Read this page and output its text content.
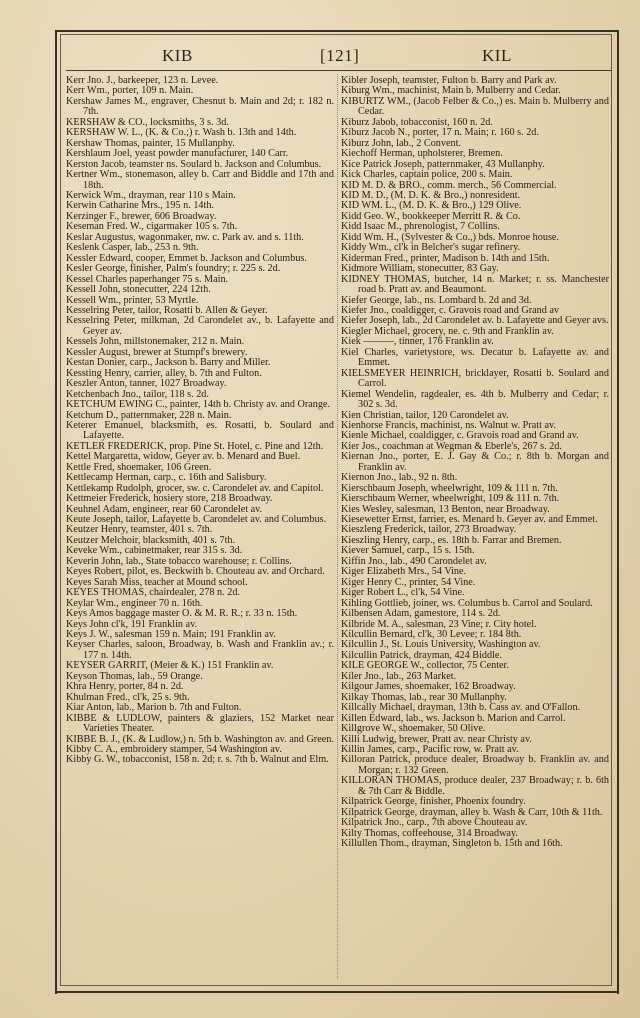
KIB	[121]	KIL
Kerr Jno. J., barkeeper, 123 n. Levee.
Kerr Wm., porter, 109 n. Main.
Kershaw James M., engraver, Chesnut b. Main and 2d; r. 182 n. 7th.
KERSHAW & CO., locksmiths, 3 s. 3d.
KERSHAW W. L., (K. & Co.;) r. Wash b. 13th and 14th.
Kershaw Thomas, painter, 15 Mullanphy.
Kershlaum Joel, yeast powder manufacturer, 140 Carr.
Kerston Jacob, teamster ns. Soulard b. Jackson and Columbus.
Kertner Wm., stonemason, alley b. Carr and Biddle and 17th and 18th.
Kerwick Wm., drayman, rear 110 s Main.
Kerwin Catharine Mrs., 195 n. 14th.
Kerzinger F., brewer, 606 Broadway.
Keseman Fred. W., cigarmaker 105 s. 7th.
Keslar Augustus, wagonmaker, nw. c. Park av. and s. 11th.
Keslenk Casper, lab., 253 n. 9th.
Kessler Edward, cooper, Emmet b. Jackson and Columbus.
Kesler George, finisher, Palm's foundry; r. 225 s. 2d.
Kessel Charles paperhanger 75 s. Main.
Kessell John, stonecutter, 224 12th.
Kessell Wm., printer, 53 Myrtle.
Kesselring Peter, tailor, Rosatti b. Allen & Geyer.
Kesselring Peter, milkman, 2d Carondelet av., b. Lafayette and Geyer av.
Kessels John, millstonemaker, 212 n. Main.
Kessler August, brewer at Stumpf's brewery.
Kestan Donier, carp., Jackson b. Barry and Miller.
Kessting Henry, carrier, alley, b. 7th and Fulton.
Keszler Anton, tanner, 1027 Broadway.
Ketchenbach Jno., tailor, 118 s. 2d.
KETCHUM EWING C., painter, 14th b. Christy av. and Orange.
Ketchum D., patternmaker, 228 n. Main.
Keterer Emanuel, blacksmith, es. Rosatti, b. Soulard and Lafayette.
KETLER FREDERICK, prop. Pine St. Hotel, c. Pine and 12th.
Kettel Margaretta, widow, Geyer av. b. Menard and Buel.
Kettle Fred, shoemaker, 106 Green.
Kettlecamp Herman, carp., c. 16th and Salisbury.
Kettlekamp Rudolph, grocer, sw. c. Carondelet av. and Capitol.
Kettmeier Frederick, hosiery store, 218 Broadway.
Keuhnel Adam, engineer, rear 60 Carondelet av.
Keute Joseph, tailor, Lafayette b. Carondelet av. and Columbus.
Keutzer Henry, teamster, 401 s. 7th.
Keutzer Melchoir, blacksmith, 401 s. 7th.
Keveke Wm., cabinetmaker, rear 315 s. 3d.
Keverin John, lab., State tobacco warehouse; r. Collins.
Keyes Robert, pilot, es. Beckwith b. Chouteau av. and Orchard.
Keyes Sarah Miss, teacher at Mound school.
KEYES THOMAS, chairdealer, 278 n. 2d.
Keylar Wm., engineer 70 n. 16th.
Keys Amos baggage master O. & M. R. R.; r. 33 n. 15th.
Keys John cl'k, 191 Franklin av.
Keys J. W., salesman 159 n. Main; 191 Franklin av.
Keyser Charles, saloon, Broadway, b. Wash and Franklin av.; r. 177 n. 14th.
KEYSER GARRIT, (Meier & K.) 151 Franklin av.
Keyson Thomas, lab., 59 Orange.
Khra Henry, porter, 84 n. 2d.
Khulman Fred., cl'k, 25 s. 9th.
Kiar Anton, lab., Marion b. 7th and Fulton.
KIBBE & LUDLOW, painters & glaziers, 152 Market near Varieties Theater.
KIBBE B. J., (K. & Ludlow,) n. 5th b. Washington av. and Green.
Kibby C. A., embroidery stamper, 54 Washington av.
Kibby G. W., tobacconist, 158 n. 2d; r. s. 7th b. Walnut and Elm.
Kibler Joseph, teamster, Fulton b. Barry and Park av.
Kiburg Wm., machinist, Main b. Mulberry and Cedar.
KIBURTZ WM., (Jacob Felber & Co.,) es. Main b. Mulberry and Cedar.
Kiburz Jabob, tobacconist, 160 n. 2d.
Kiburz Jacob N., porter, 17 n. Main; r. 160 s. 2d.
Kiburz John, lab., 2 Convent.
Kiechoff Herman, upholsterer, Bremen.
Kice Patrick Joseph, patternmaker, 43 Mullanphy.
Kick Charles, captain police, 200 s. Main.
KID M. D. & BRO., comm. merch., 56 Commercial.
KID M. D., (M. D. K. & Bro.,) nonresident.
KID WM. L., (M. D. K. & Bro.,) 129 Olive.
Kidd Geo. W., bookkeeper Merritt R. & Co.
Kidd Isaac M., phrenologist, 7 Collins.
Kidd Wm. H., (Sylvester & Co.,) bds. Monroe house.
Kiddy Wm., cl'k in Belcher's sugar refinery.
Kiderman Fred., printer, Madison b. 14th and 15th.
Kidmore William, stonecutter, 83 Gay.
KIDNEY THOMAS, butcher, 14 n. Market; r. ss. Manchester road b. Pratt av. and Beaumont.
Kiefer George, lab., ns. Lombard b. 2d and 3d.
Kiefer Jno., coaldigger, c. Gravois road and Grand av
Kiefer Joseph, lab., 2d Carondelet av. b. Lafayette and Geyer avs.
Kiegler Michael, grocery, ne. c. 9th and Franklin av.
Kiek ———, tinner, 176 Franklin av.
Kiel Charles, varietystore, ws. Decatur b. Lafayette av. and Emmet.
KIELSMEYER HEINRICH, bricklayer, Rosatti b. Soulard and Carrol.
Kiemel Wendelin, ragdealer, es. 4th b. Mulberry and Cedar; r. 302 s. 3d.
Kien Christian, tailor, 120 Carondelet av.
Kienhorse Francis, machinist, ns. Walnut w. Pratt av.
Kienle Michael, coaldigger, c. Gravois road and Grand av.
Kier Jos., coachman at Wegman & Eberle's, 267 s. 2d.
Kiernan Jno., porter, E. J. Gay & Co.; r. 8th b. Morgan and Franklin av.
Kiernon Jno., lab., 92 n. 8th.
Kierschbaum Joseph, wheelwright, 109 & 111 n. 7th.
Kierschbaum Werner, wheelwright, 109 & 111 n. 7th.
Kies Wesley, salesman, 13 Benton, near Broadway.
Kiesewetter Ernst, farrier, es. Menard b. Geyer av. and Emmet.
Kieszleng Frederick, tailor, 273 Broadway.
Kieszling Henry, carp., es. 18th b. Farrar and Bremen.
Kiever Samuel, carp., 15 s. 15th.
Kiffin Jno., lab., 490 Carondelet av.
Kiger Elizabeth Mrs., 54 Vine.
Kiger Henry C., printer, 54 Vine.
Kiger Robert L., cl'k, 54 Vine.
Kihling Gottlieb, joiner, ws. Columbus b. Carrol and Soulard.
Kilbensen Adam, gamestore, 114 s. 2d.
Kilbride M. A., salesman, 23 Vine; r. City hotel.
Kilcullin Bernard, cl'k, 30 Levee; r. 184 8th.
Kilcullin J., St. Louis University, Washington av.
Kilcullin Patrick, drayman, 424 Biddle.
KILE GEORGE W., collector, 75 Center.
Kiler Jno., lab., 263 Market.
Kilgour James, shoemaker, 162 Broadway.
Kilkay Thomas, lab., rear 30 Mullanphy.
Killcally Michael, drayman, 13th b. Cass av. and O'Fallon.
Killen Edward, lab., ws. Jackson b. Marion and Carrol.
Killgrove W., shoemaker, 50 Olive.
Killi Ludwig, brewer, Pratt av. near Christy av.
Killin James, carp., Pacific row, w. Pratt av.
Killoran Patrick, produce dealer, Broadway b. Franklin av. and Morgan; r. 132 Green.
KILLORAN THOMAS, produce dealer, 237 Broadway; r. b. 6th & 7th Carr & Biddle.
Kilpatrick George, finisher, Phoenix foundry.
Kilpatrick George, drayman, alley b. Wash & Carr, 10th & 11th.
Kilpatrick Jno., carp., 7th above Chouteau av.
Kilty Thomas, coffeehouse, 314 Broadway.
Killullen Thom., drayman, Singleton b. 15th and 16th.
